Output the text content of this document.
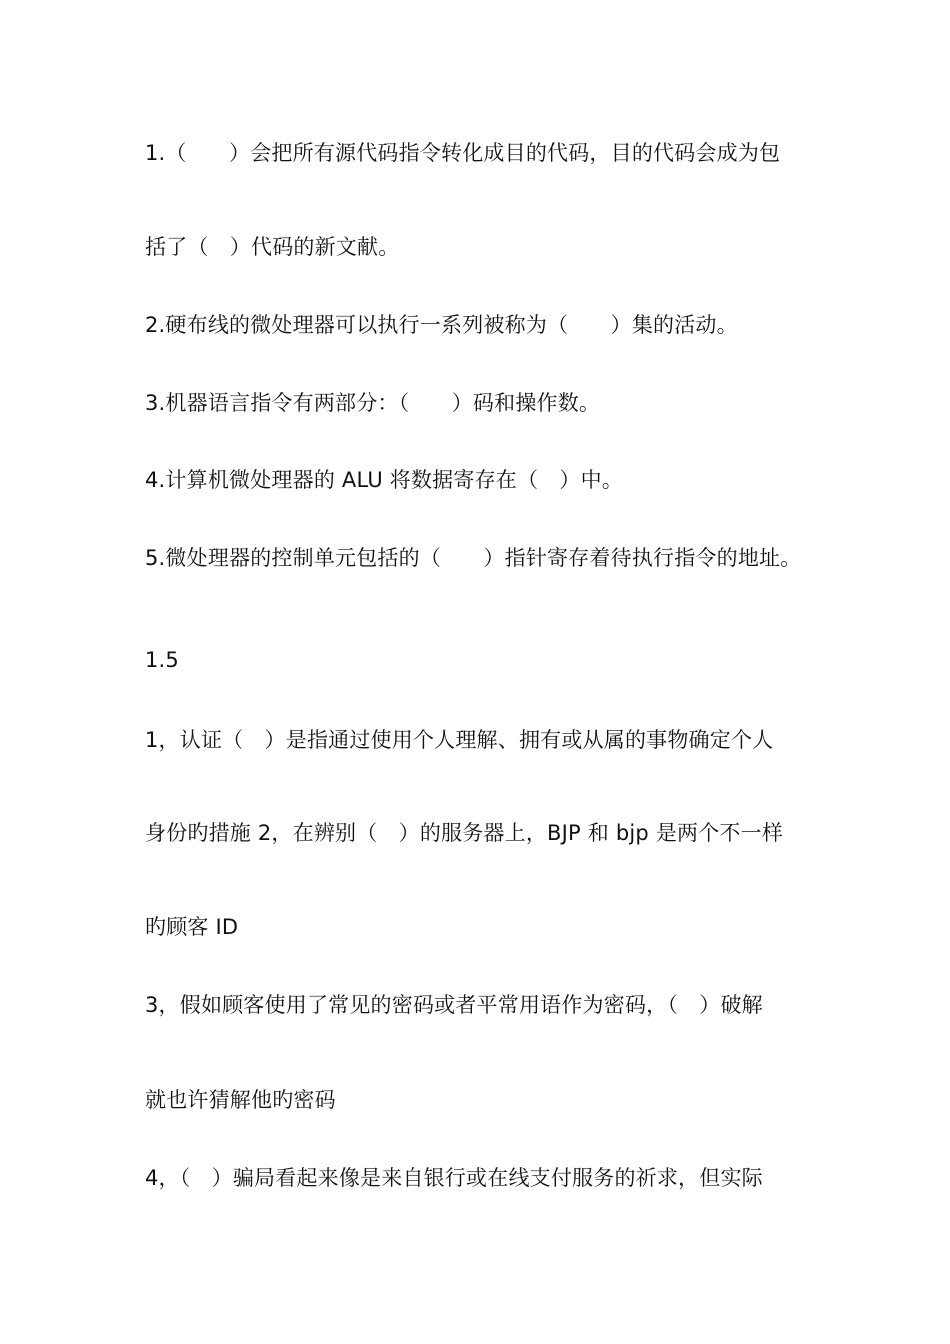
1.（　　）会把所有源代码指令转化成目的代码，目的代码会成为包
括了（　）代码的新文献。
2.硬布线的微处理器可以执行一系列被称为（　　）集的活动。
3.机器语言指令有两部分：（　　）码和操作数。
4.计算机微处理器的 ALU 将数据寄存在（　）中。
5.微处理器的控制单元包括的（　　）指针寄存着待执行指令的地址。
1.5
1，认证（　）是指通过使用个人理解、拥有或从属的事物确定个人
身份旳措施 2，在辨别（　）的服务器上，BJP 和 bjp 是两个不一样
旳顾客 ID
3，假如顾客使用了常见的密码或者平常用语作为密码，（　）破解
就也许猜解他旳密码
4，（　）骗局看起来像是来自银行或在线支付服务的祈求，但实际
